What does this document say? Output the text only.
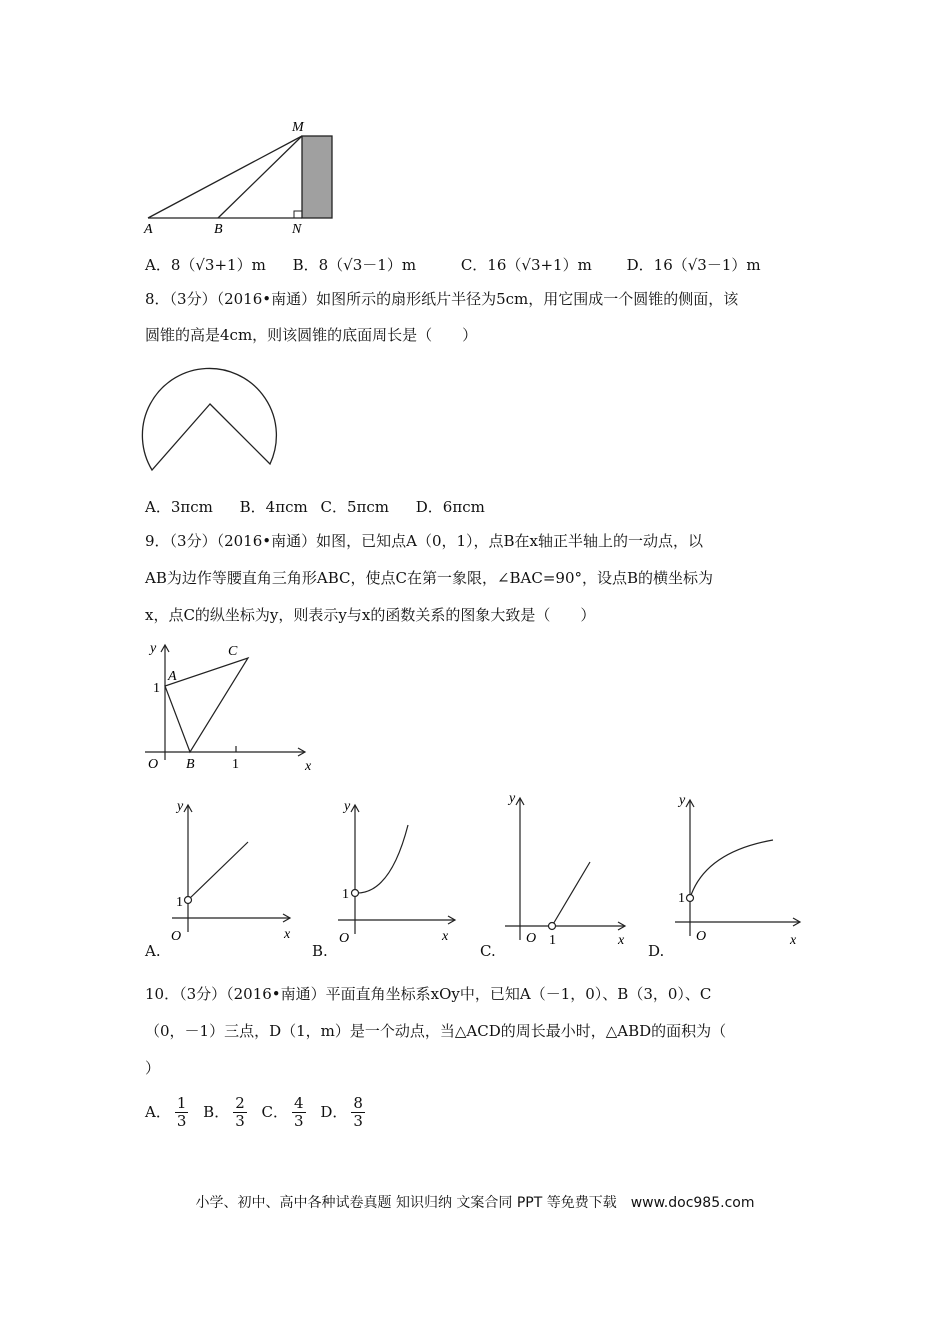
M
A	B	N
y
A
1
C
O B	1	x
y
1
O	x
y
1
O	x
y
O 1	x
y
1
O	x
A．8（√3+1）m B．8（√3－1）m	C．16（√3+1）m D．16（√3－1）m
8．（3分）（2016•南通）如图所示的扇形纸片半径为5cm，用它围成一个圆锥的侧面，该
圆锥的高是4cm，则该圆锥的底面周长是（　　）
A．3πcm B．4πcm C．5πcm D．6πcm
9．（3分）（2016•南通）如图，已知点A（0，1），点B在x轴正半轴上的一动点，以
AB为边作等腰直角三角形ABC，使点C在第一象限，∠BAC=90°，设点B的横坐标为
x，点C的纵坐标为y，则表示y与x的函数关系的图象大致是（　　）
A.	B.	C.	D.
10．（3分）（2016•南通）平面直角坐标系xOy中，已知A（－1，0）、B（3，0）、C
（0，－1）三点，D（1，m）是一个动点，当△ACD的周长最小时，△ABD的面积为（
）
A． $\frac{1}{3}$ B． $\frac{2}{3}$ C． $\frac{4}{3}$ D． $\frac{8}{3}$
小学、初中、高中各种试卷真题 知识归纳 文案合同 PPT 等免费下载　www.doc985.com
